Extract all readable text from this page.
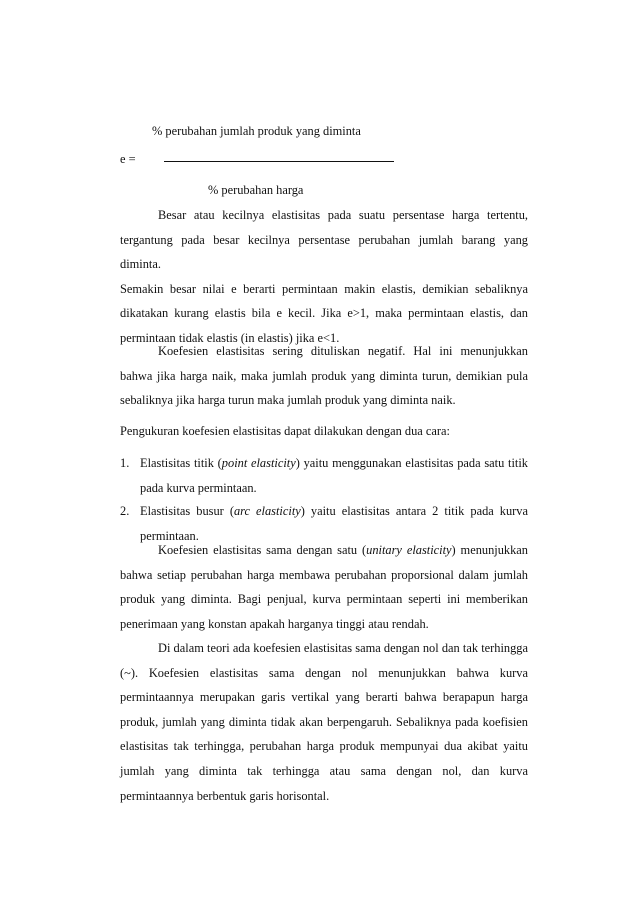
% perubahan jumlah produk yang diminta
e =
% perubahan harga
Besar atau kecilnya elastisitas pada suatu persentase harga tertentu,
tergantung pada besar kecilnya persentase perubahan jumlah barang yang diminta.
Semakin besar nilai e berarti permintaan makin elastis, demikian sebaliknya
dikatakan kurang elastis bila e kecil. Jika e>1, maka permintaan elastis, dan
permintaan tidak elastis (in elastis) jika e<1.
Koefesien elastisitas sering dituliskan negatif. Hal ini menunjukkan
bahwa jika harga naik, maka jumlah produk yang diminta turun, demikian pula
sebaliknya jika harga turun maka jumlah produk yang diminta naik.
Pengukuran koefesien elastisitas dapat dilakukan dengan dua cara:
1. Elastisitas titik (point elasticity) yaitu menggunakan elastisitas pada satu titik
pada kurva permintaan.
2. Elastisitas busur (arc elasticity) yaitu elastisitas antara 2 titik pada kurva
permintaan.
Koefesien elastisitas sama dengan satu (unitary elasticity) menunjukkan
bahwa setiap perubahan harga membawa perubahan proporsional dalam jumlah
produk yang diminta. Bagi penjual, kurva permintaan seperti ini memberikan
penerimaan yang konstan apakah harganya tinggi atau rendah.
Di dalam teori ada koefesien elastisitas sama dengan nol dan tak terhingga
(~). Koefesien elastisitas sama dengan nol menunjukkan bahwa kurva
permintaannya merupakan garis vertikal yang berarti bahwa berapapun harga
produk, jumlah yang diminta tidak akan berpengaruh. Sebaliknya pada koefisien
elastisitas tak terhingga, perubahan harga produk mempunyai dua akibat yaitu
jumlah yang diminta tak terhingga atau sama dengan nol, dan kurva
permintaannya berbentuk garis horisontal.
